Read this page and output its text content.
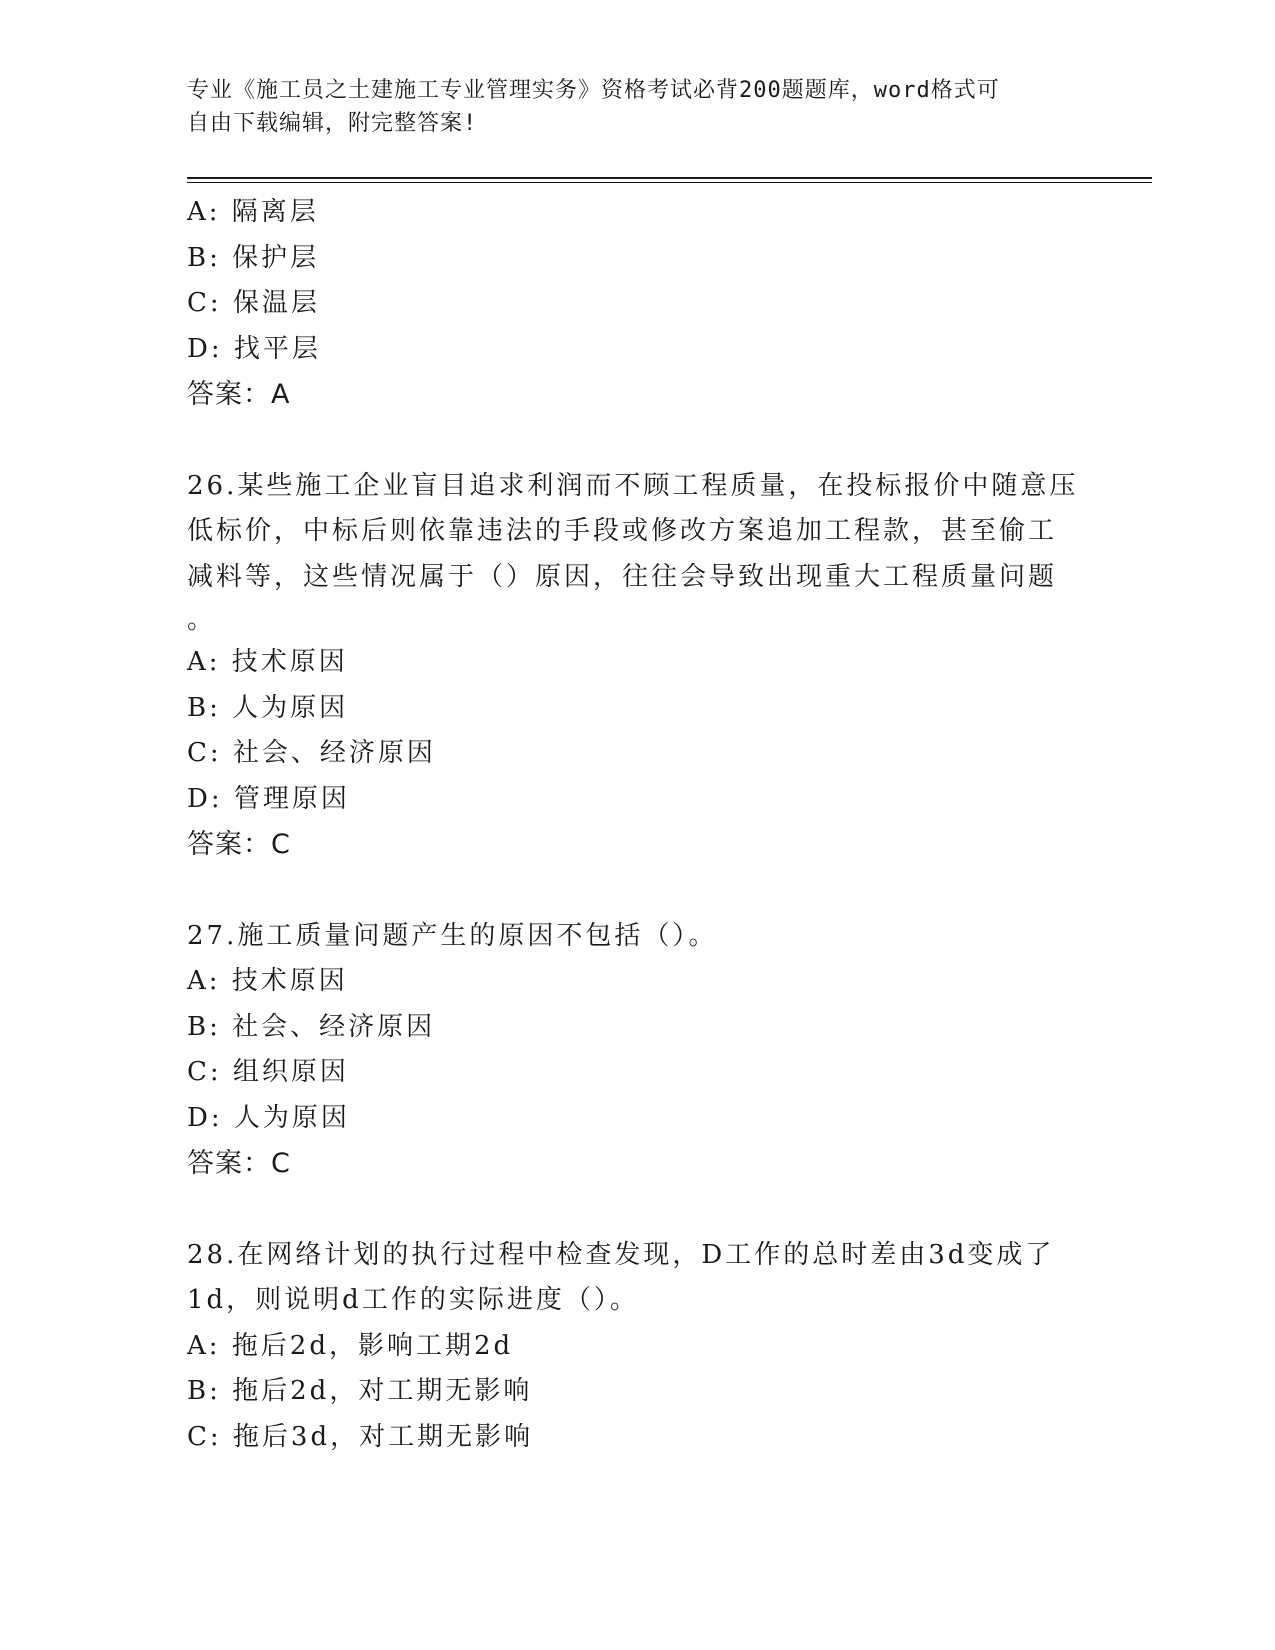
专业《施工员之土建施工专业管理实务》资格考试必背200题题库，word格式可
自由下载编辑，附完整答案!
A: 隔离层
B: 保护层
C: 保温层
D: 找平层
答案：A
26.某些施工企业盲目追求利润而不顾工程质量，在投标报价中随意压
低标价，中标后则依靠违法的手段或修改方案追加工程款，甚至偷工
减料等，这些情况属于（）原因，往往会导致出现重大工程质量问题
。
A: 技术原因
B: 人为原因
C: 社会、经济原因
D: 管理原因
答案：C
27.施工质量问题产生的原因不包括（）。
A: 技术原因
B: 社会、经济原因
C: 组织原因
D: 人为原因
答案：C
28.在网络计划的执行过程中检查发现，D工作的总时差由3d变成了
1d，则说明d工作的实际进度（）。
A: 拖后2d，影响工期2d
B: 拖后2d，对工期无影响
C: 拖后3d，对工期无影响
